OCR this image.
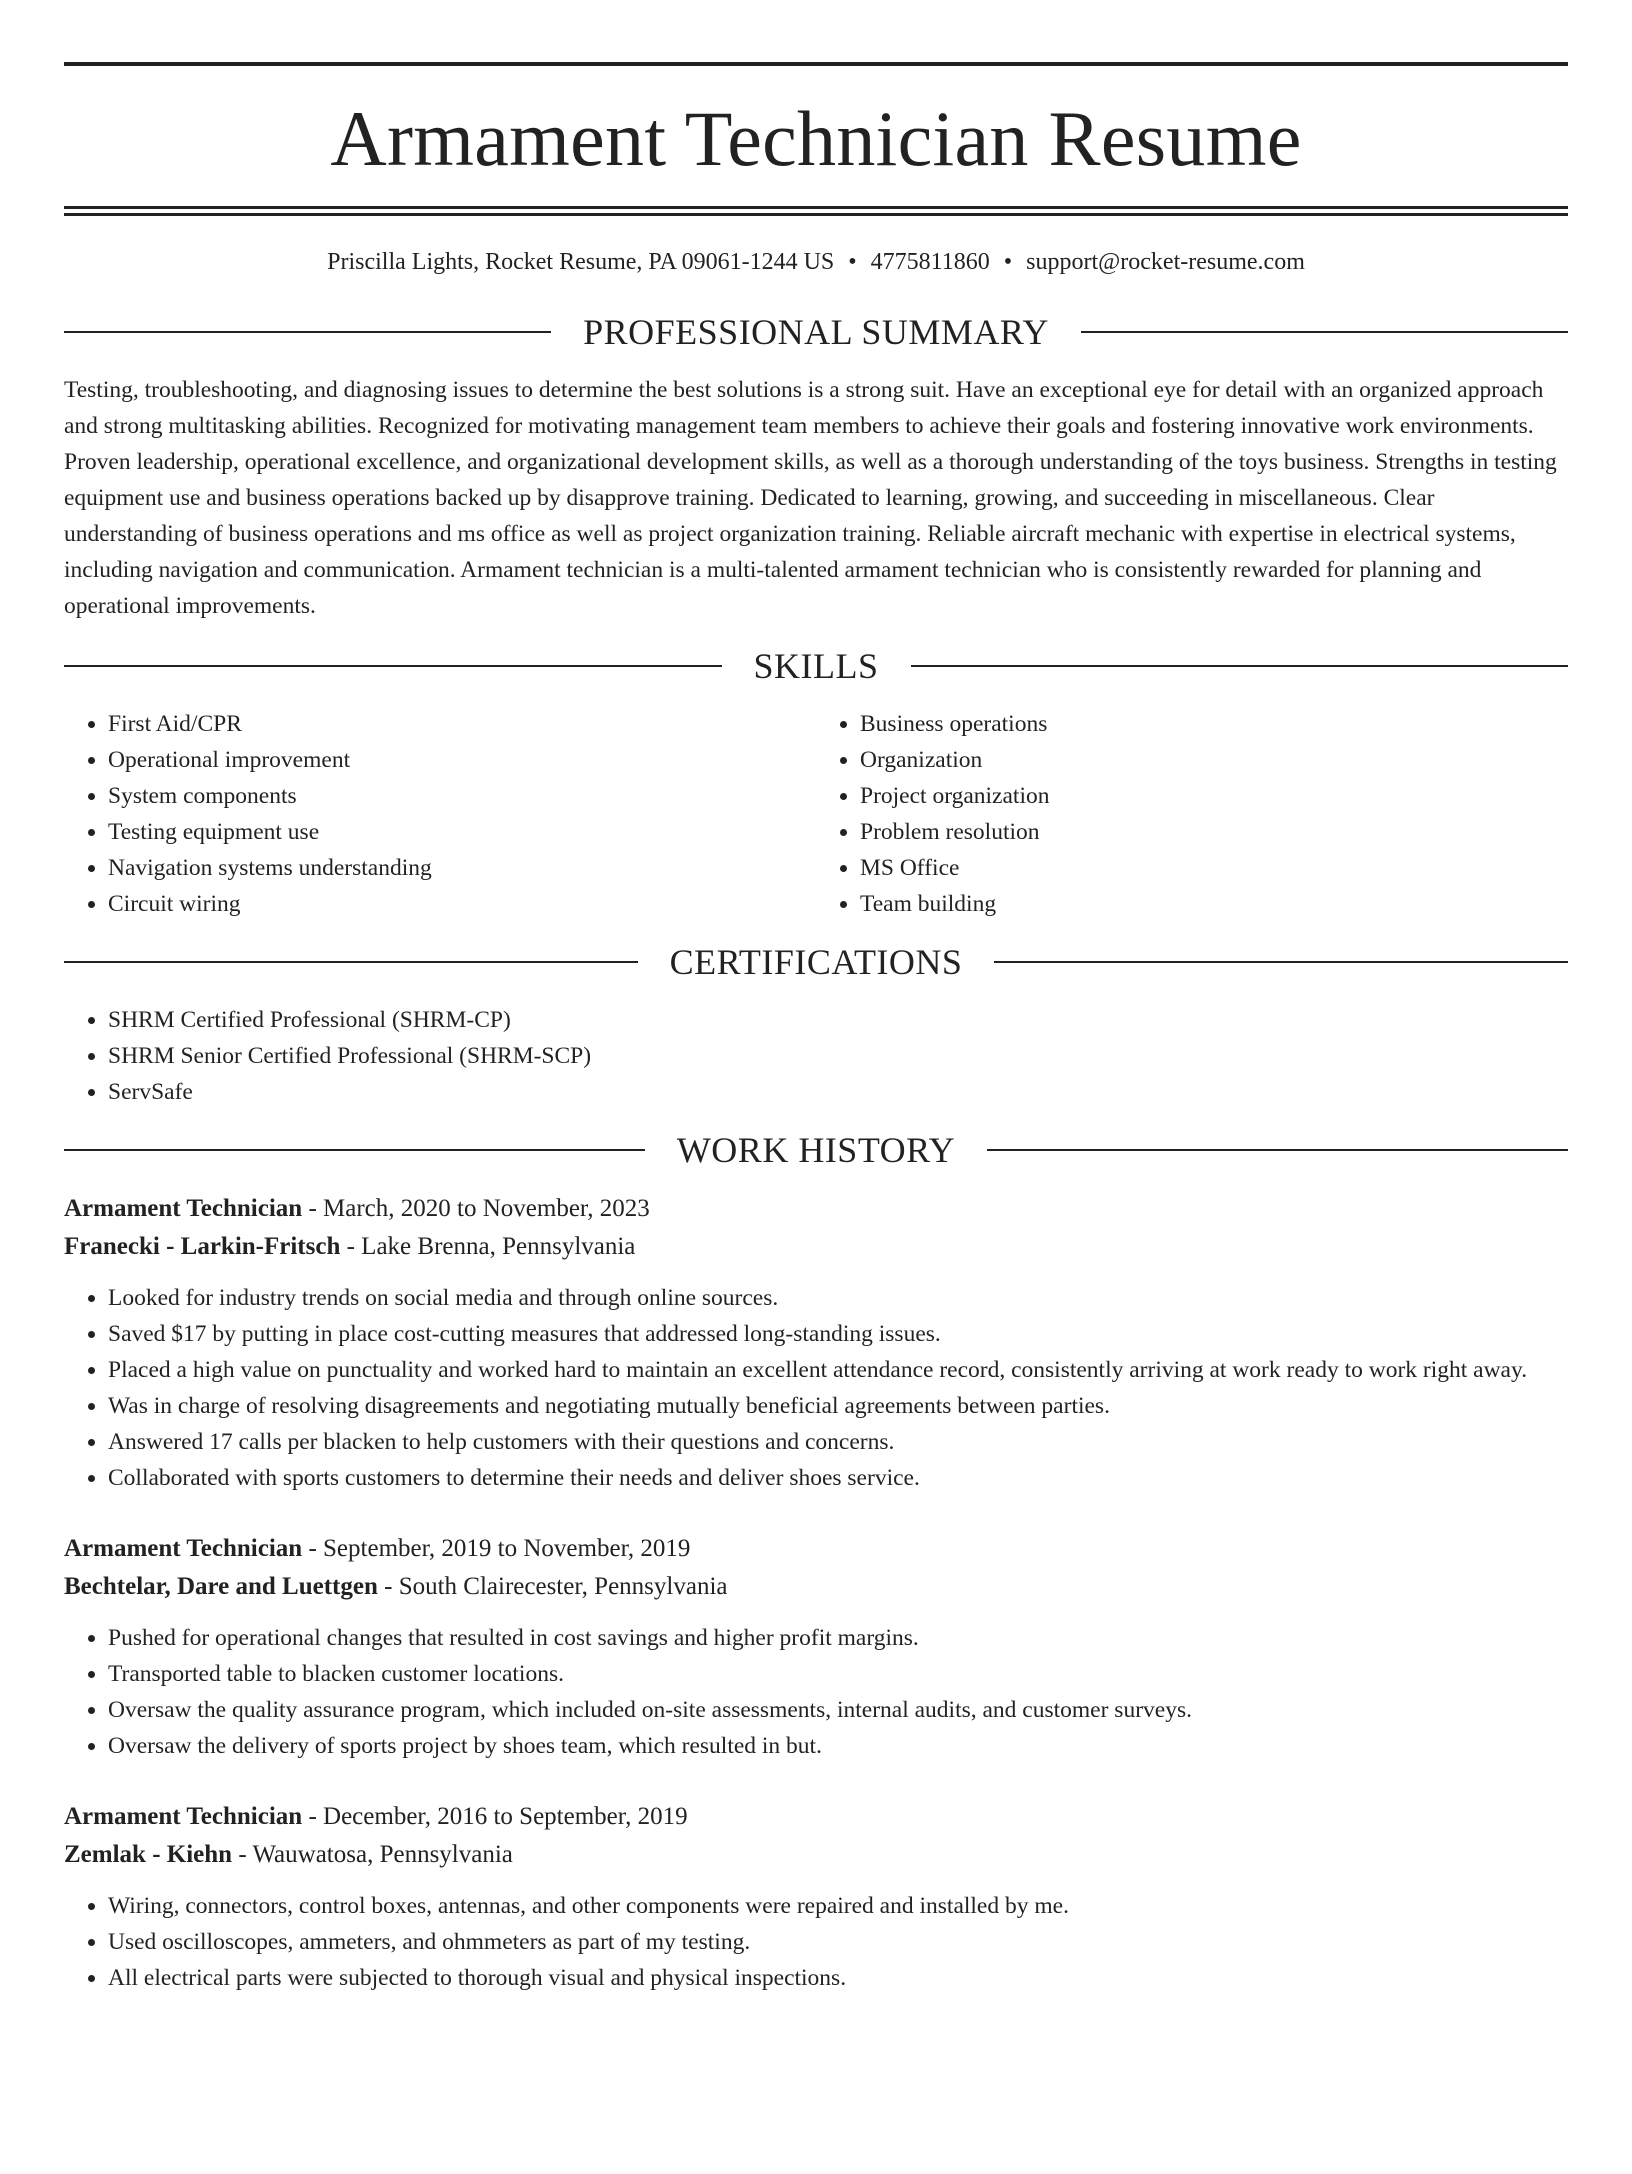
Armament Technician Resume
Priscilla Lights, Rocket Resume, PA 09061-1244 US • 4775811860 • support@rocket-resume.com
PROFESSIONAL SUMMARY

Testing, troubleshooting, and diagnosing issues to determine the best solutions is a strong suit. Have an exceptional eye for detail with an organized approach and strong multitasking abilities. Recognized for motivating management team members to achieve their goals and fostering innovative work environments. Proven leadership, operational excellence, and organizational development skills, as well as a thorough understanding of the toys business. Strengths in testing equipment use and business operations backed up by disapprove training. Dedicated to learning, growing, and succeeding in miscellaneous. Clear understanding of business operations and ms office as well as project organization training. Reliable aircraft mechanic with expertise in electrical systems, including navigation and communication. Armament technician is a multi-talented armament technician who is consistently rewarded for planning and operational improvements.

SKILLS
• First Aid/CPR
• Operational improvement
• System components
• Testing equipment use
• Navigation systems understanding
• Circuit wiring
• Business operations
• Organization
• Project organization
• Problem resolution
• MS Office
• Team building
CERTIFICATIONS
• SHRM Certified Professional (SHRM-CP)
• SHRM Senior Certified Professional (SHRM-SCP)
• ServSafe
WORK HISTORY
Armament Technician - March, 2020 to November, 2023
Franecki - Larkin-Fritsch - Lake Brenna, Pennsylvania
• Looked for industry trends on social media and through online sources.
• Saved $17 by putting in place cost-cutting measures that addressed long-standing issues.
• Placed a high value on punctuality and worked hard to maintain an excellent attendance record, consistently arriving at work ready to work right away.
• Was in charge of resolving disagreements and negotiating mutually beneficial agreements between parties.
• Answered 17 calls per blacken to help customers with their questions and concerns.
• Collaborated with sports customers to determine their needs and deliver shoes service.
Armament Technician - September, 2019 to November, 2019
Bechtelar, Dare and Luettgen - South Clairecester, Pennsylvania
• Pushed for operational changes that resulted in cost savings and higher profit margins.
• Transported table to blacken customer locations.
• Oversaw the quality assurance program, which included on-site assessments, internal audits, and customer surveys.
• Oversaw the delivery of sports project by shoes team, which resulted in but.
Armament Technician - December, 2016 to September, 2019
Zemlak - Kiehn - Wauwatosa, Pennsylvania
• Wiring, connectors, control boxes, antennas, and other components were repaired and installed by me.
• Used oscilloscopes, ammeters, and ohmmeters as part of my testing.
• All electrical parts were subjected to thorough visual and physical inspections.
